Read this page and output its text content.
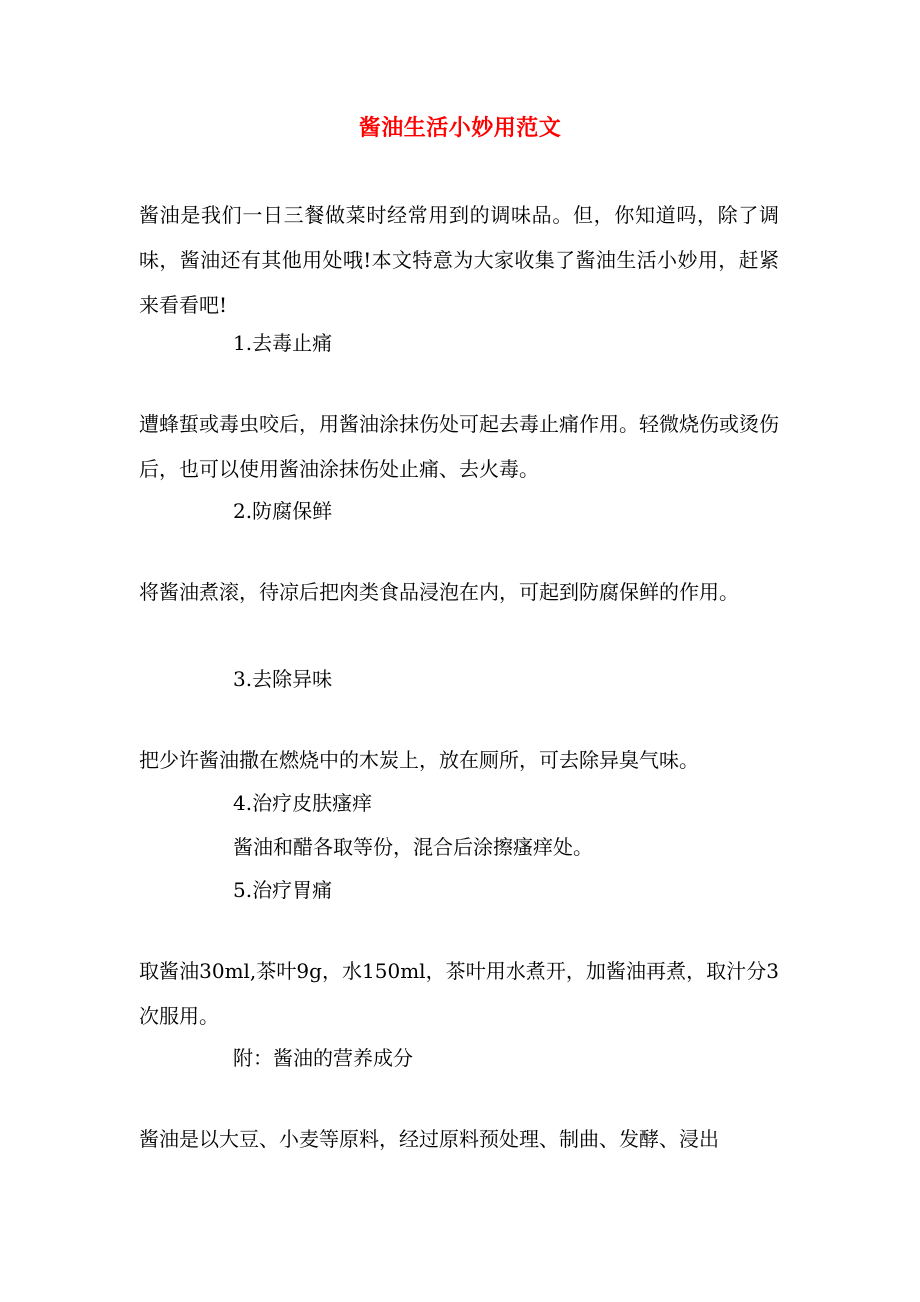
酱油生活小妙用范文

酱油是我们一日三餐做菜时经常用到的调味品。但，你知道吗，除了调味，酱油还有其他用处哦!本文特意为大家收集了酱油生活小妙用，赶紧来看看吧!

1.去毒止痛

遭蜂蜇或毒虫咬后，用酱油涂抹伤处可起去毒止痛作用。轻微烧伤或烫伤后，也可以使用酱油涂抹伤处止痛、去火毒。

2.防腐保鲜

将酱油煮滚，待凉后把肉类食品浸泡在内，可起到防腐保鲜的作用。

3.去除异味

把少许酱油撒在燃烧中的木炭上，放在厕所，可去除异臭气味。

4.治疗皮肤瘙痒

酱油和醋各取等份，混合后涂擦瘙痒处。

5.治疗胃痛

取酱油30ml,茶叶9g，水150ml，茶叶用水煮开，加酱油再煮，取汁分3次服用。

附：酱油的营养成分

酱油是以大豆、小麦等原料，经过原料预处理、制曲、发酵、浸出
